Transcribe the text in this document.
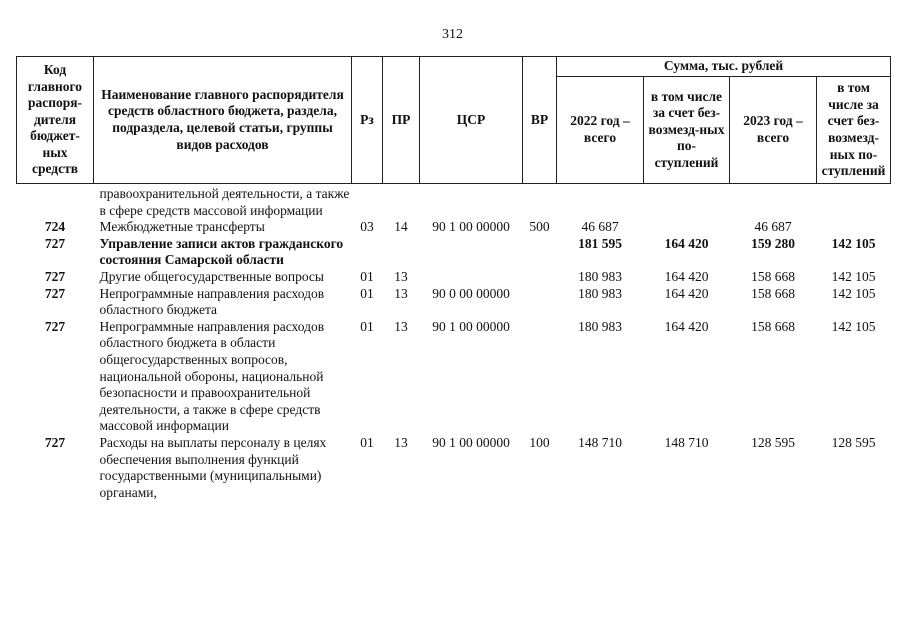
312
Код главного распоря-дителя бюджет-ных средств	Наименование главного распорядителя средств областного бюджета, раздела, подраздела, целевой статьи, группы видов расходов	Рз	ПР	ЦСР	ВР	Сумма, тыс. рублей			
						2022 год – всего	в том числе за счет без-возмезд-ных по-ступлений	2023 год – всего	в том числе за счет без-возмезд-ных по-ступлений
	правоохранительной деятельности, а также в сфере средств массовой информации								
724	Межбюджетные трансферты	03	14	90 1 00 00000	500	46 687		46 687	
727	Управление записи актов гражданского состояния Самарской области					181 595	164 420	159 280	142 105
727	Другие общегосударственные вопросы	01	13			180 983	164 420	158 668	142 105
727	Непрограммные направления расходов областного бюджета	01	13	90 0 00 00000		180 983	164 420	158 668	142 105
727	Непрограммные направления расходов областного бюджета в области общегосударственных вопросов, национальной обороны, национальной безопасности и правоохранительной деятельности, а также в сфере средств массовой информации	01	13	90 1 00 00000		180 983	164 420	158 668	142 105
727	Расходы на выплаты персоналу в целях обеспечения выполнения функций государственными (муниципальными) органами,	01	13	90 1 00 00000	100	148 710	148 710	128 595	128 595
